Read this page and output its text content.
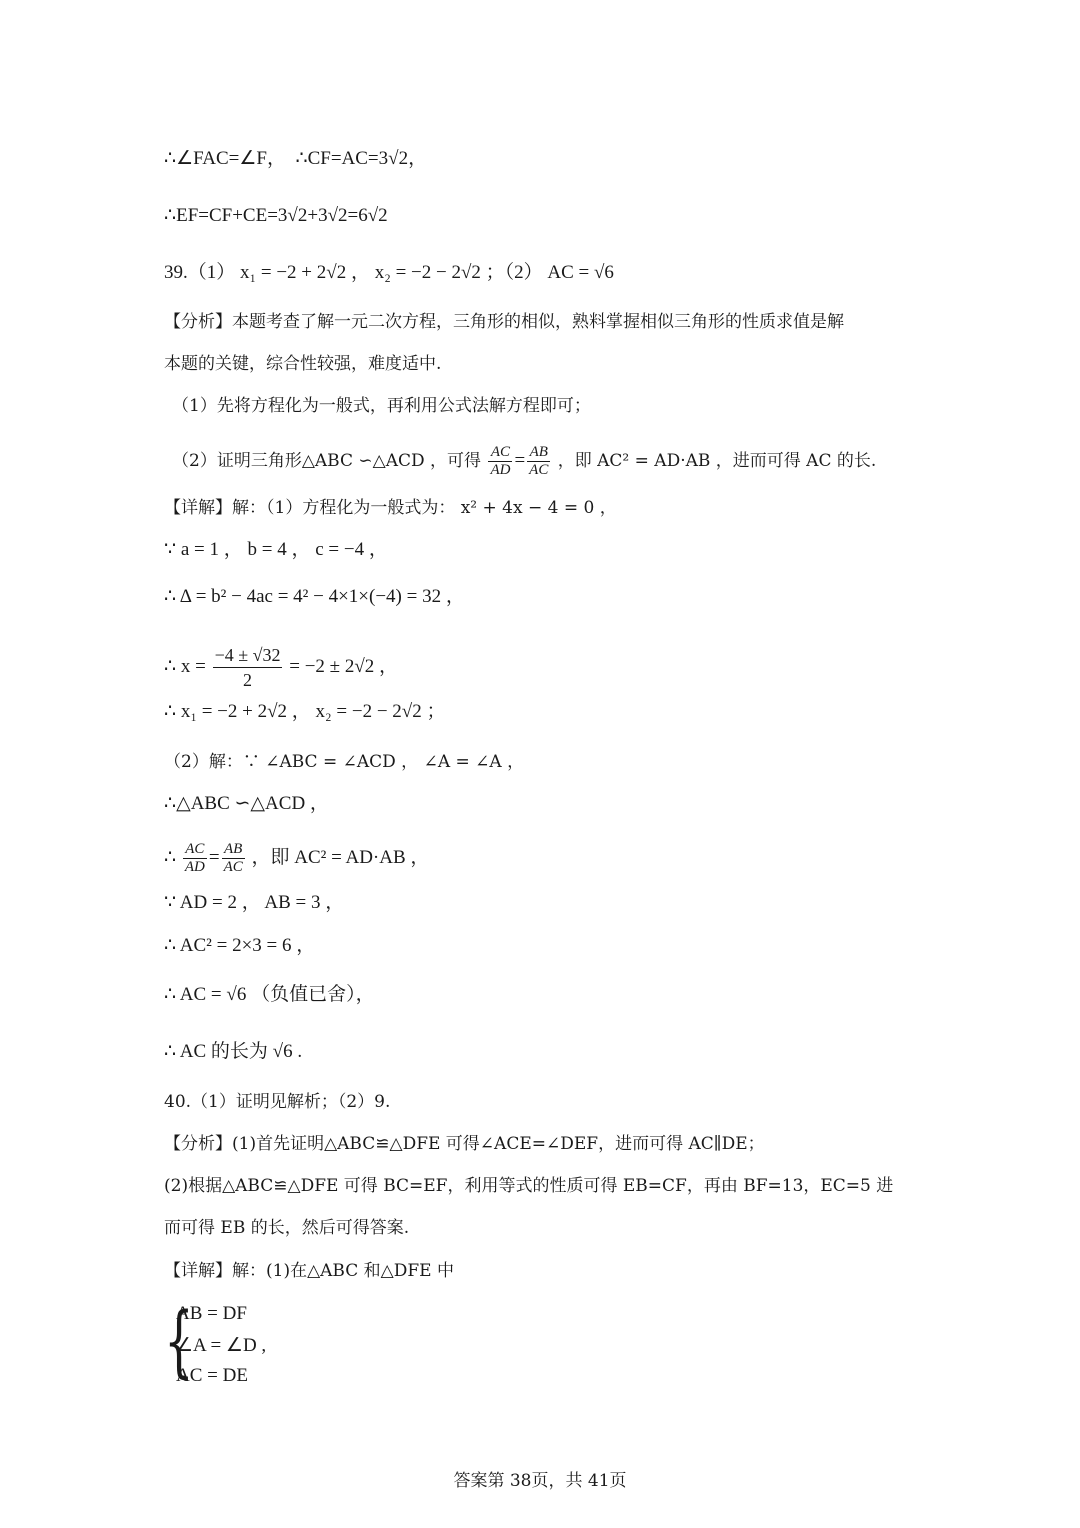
∴∠FAC=∠F，　∴CF=AC=3√2，
∴EF=CF+CE=3√2+3√2=6√2
39.（1） x₁ = −2 + 2√2 ， x₂ = −2 − 2√2 ；（2） AC = √6
【分析】本题考查了解一元二次方程，三角形的相似，熟料掌握相似三角形的性质求值是解
本题的关键，综合性较强，难度适中.
（1）先将方程化为一般式，再利用公式法解方程即可；
（2）证明三角形△ABC ∽△ACD ，可得 $\frac{AC}{AD} = \frac{AB}{AC}$ ，即 AC² = AD·AB ，进而可得 AC 的长.
【详解】解：（1）方程化为一般式为： x² + 4x − 4 = 0 ，
∵ a = 1 ， b = 4 ， c = −4 ，
∴ Δ = b² − 4ac = 4² − 4×1×(−4) = 32 ，
∴ $x = \frac{-4 \pm √32}{2} = -2 \pm 2√2$ ，
∴ x₁ = −2 + 2√2 ， x₂ = −2 − 2√2 ；
（2）解：∵ ∠ABC = ∠ACD ， ∠A = ∠A ，
∴△ABC ∽△ACD ，
∴ $\frac{AC}{AD} = \frac{AB}{AC}$ ，即 AC² = AD·AB ，
∵ AD = 2 ， AB = 3 ，
∴ AC² = 2×3 = 6 ，
∴ AC = √6 （负值已舍），
∴ AC 的长为 √6 .
40.（1）证明见解析；（2）9.
【分析】(1)首先证明△ABC≌△DFE 可得∠ACE=∠DEF，进而可得 AC∥DE；
(2)根据△ABC≌△DFE 可得 BC=EF，利用等式的性质可得 EB=CF，再由 BF=13，EC=5 进
而可得 EB 的长，然后可得答案.
【详解】解：(1)在△ABC 和△DFE 中
{
AB = DF
∠A = ∠D ,
AC = DE
答案第 38页，共 41页
